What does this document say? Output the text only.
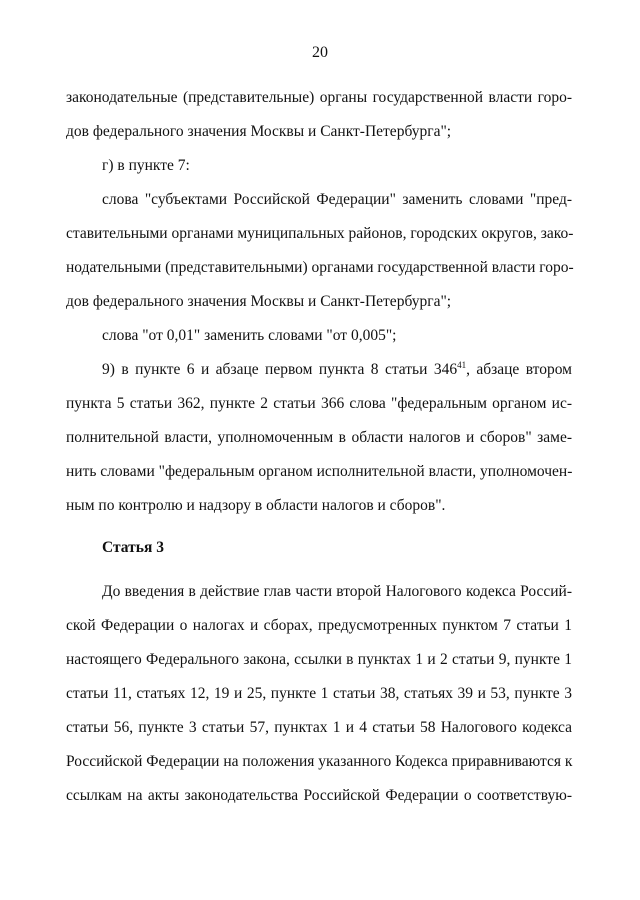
20
законодательные (представительные) органы государственной власти горо-
дов федерального значения Москвы и Санкт-Петербурга";
г) в пункте 7:
слова "субъектами Российской Федерации" заменить словами "пред-
ставительными органами муниципальных районов, городских округов, зако-
нодательными (представительными) органами государственной власти горо-
дов федерального значения Москвы и Санкт-Петербурга";
слова "от 0,01" заменить словами "от 0,005";
9) в пункте 6 и абзаце первом пункта 8 статьи $346^{41}$, абзаце втором
пункта 5 статьи 362, пункте 2 статьи 366 слова "федеральным органом ис-
полнительной власти, уполномоченным в области налогов и сборов" заме-
нить словами "федеральным органом исполнительной власти, уполномочен-
ным по контролю и надзору в области налогов и сборов".
Статья 3
До введения в действие глав части второй Налогового кодекса Россий-
ской Федерации о налогах и сборах, предусмотренных пунктом 7 статьи 1
настоящего Федерального закона, ссылки в пунктах 1 и 2 статьи 9, пункте 1
статьи 11, статьях 12, 19 и 25, пункте 1 статьи 38, статьях 39 и 53, пункте 3
статьи 56, пункте 3 статьи 57, пунктах 1 и 4 статьи 58 Налогового кодекса
Российской Федерации на положения указанного Кодекса приравниваются к
ссылкам на акты законодательства Российской Федерации о соответствую-
